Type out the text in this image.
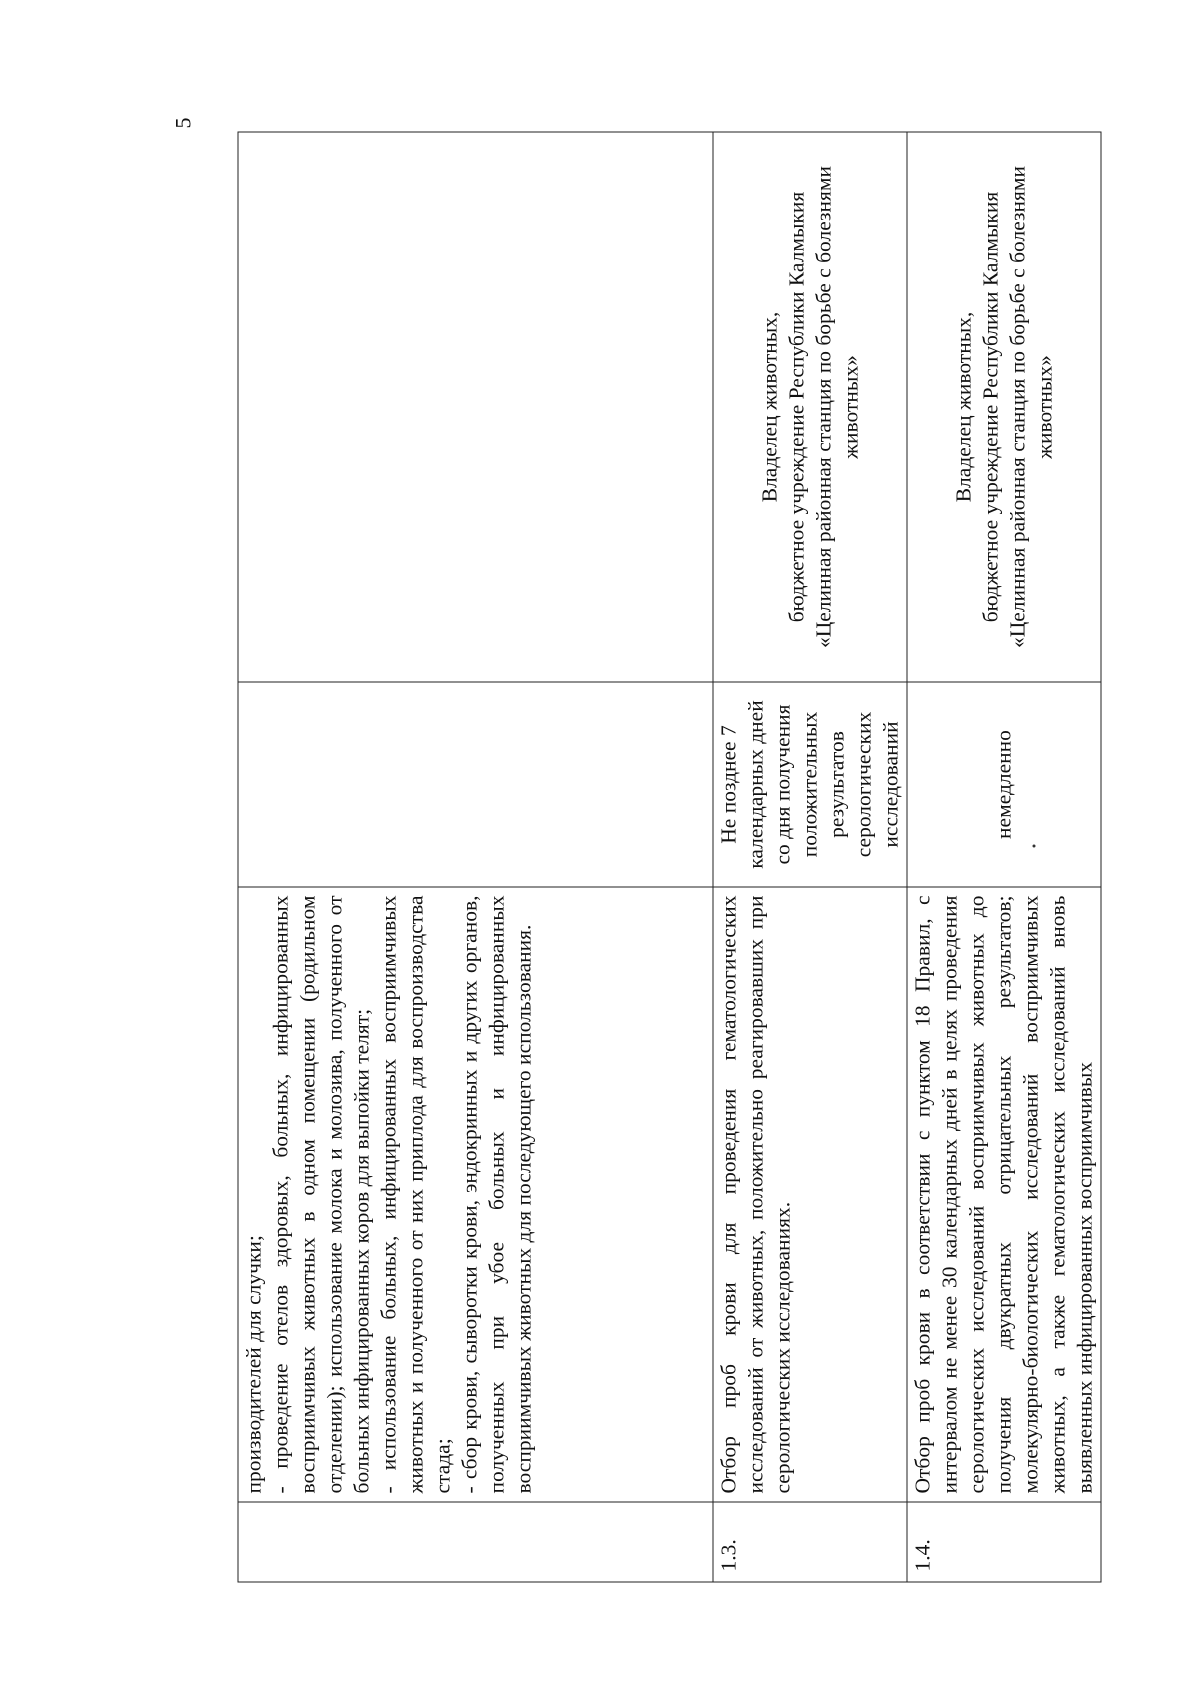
5

	производителей для случки; - проведение отелов здоровых, больных, инфицированных восприимчивых животных в одном помещении (родильном отделении); использование молока и молозива, полученного от больных инфицированных коров для выпойки телят; - использование больных, инфицированных восприимчивых животных и полученного от них приплода для воспроизводства стада; - сбор крови, сыворотки крови, эндокринных и других органов, полученных при убое больных и инфицированных восприимчивых животных для последующего использования.		

1.3.	Отбор проб крови для проведения гематологических исследований от животных, положительно реагировавших при серологических исследованиях.	Не позднее 7 календарных дней со дня получения положительных результатов серологических исследований	Владелец животных, бюджетное учреждение Республики Калмыкия «Целинная районная станция по борьбе с болезнями животных»

1.4.	Отбор проб крови в соответствии с пунктом 18 Правил, с интервалом не менее 30 календарных дней в целях проведения серологических исследований восприимчивых животных до получения двукратных отрицательных результатов; молекулярно-биологических исследований восприимчивых животных, а также гематологических исследований вновь выявленных инфицированных восприимчивых	немедленно	Владелец животных, бюджетное учреждение Республики Калмыкия «Целинная районная станция по борьбе с болезнями животных»
